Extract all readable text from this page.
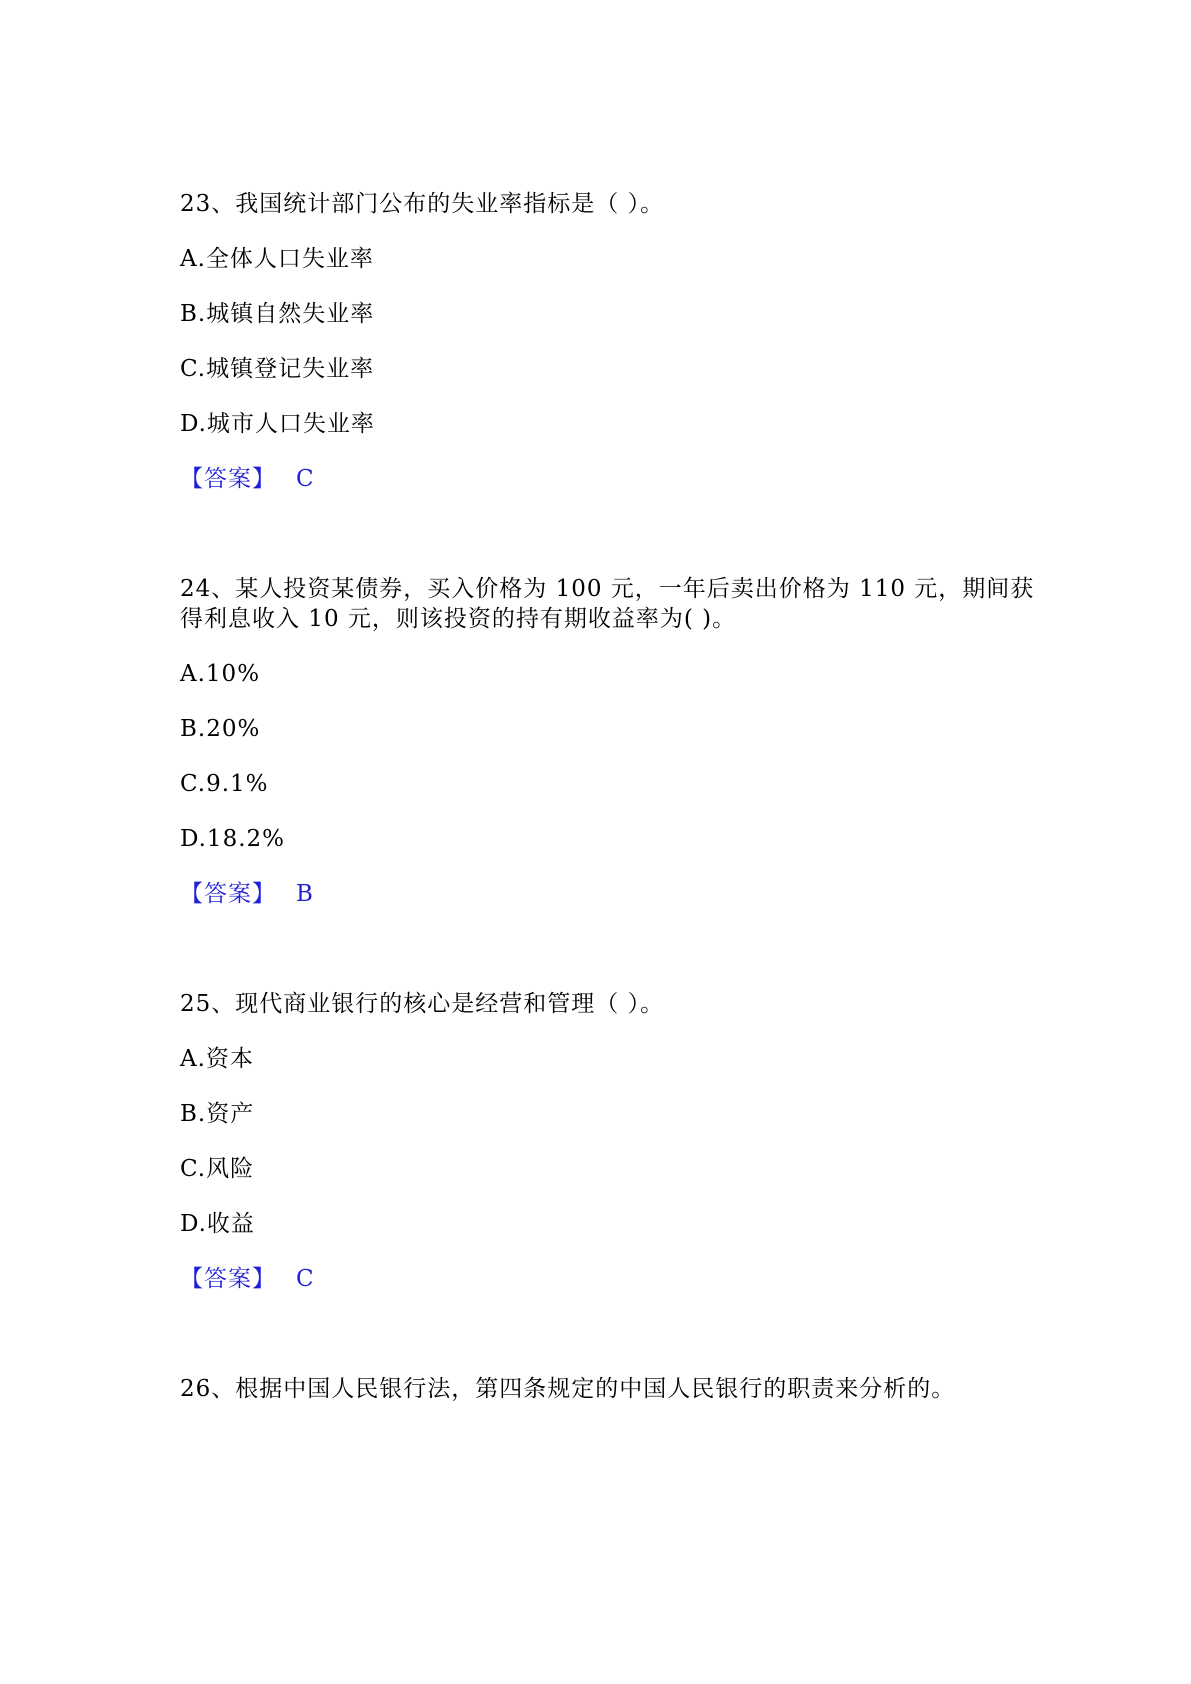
23、我国统计部门公布的失业率指标是（ ）。
A.全体人口失业率
B.城镇自然失业率
C.城镇登记失业率
D.城市人口失业率
【答案】 C
24、某人投资某债券，买入价格为 100 元，一年后卖出价格为 110 元，期间获
得利息收入 10 元，则该投资的持有期收益率为( )。
A.10%
B.20%
C.9.1%
D.18.2%
【答案】 B
25、现代商业银行的核心是经营和管理（ ）。
A.资本
B.资产
C.风险
D.收益
【答案】 C
26、根据中国人民银行法，第四条规定的中国人民银行的职责来分析的。
